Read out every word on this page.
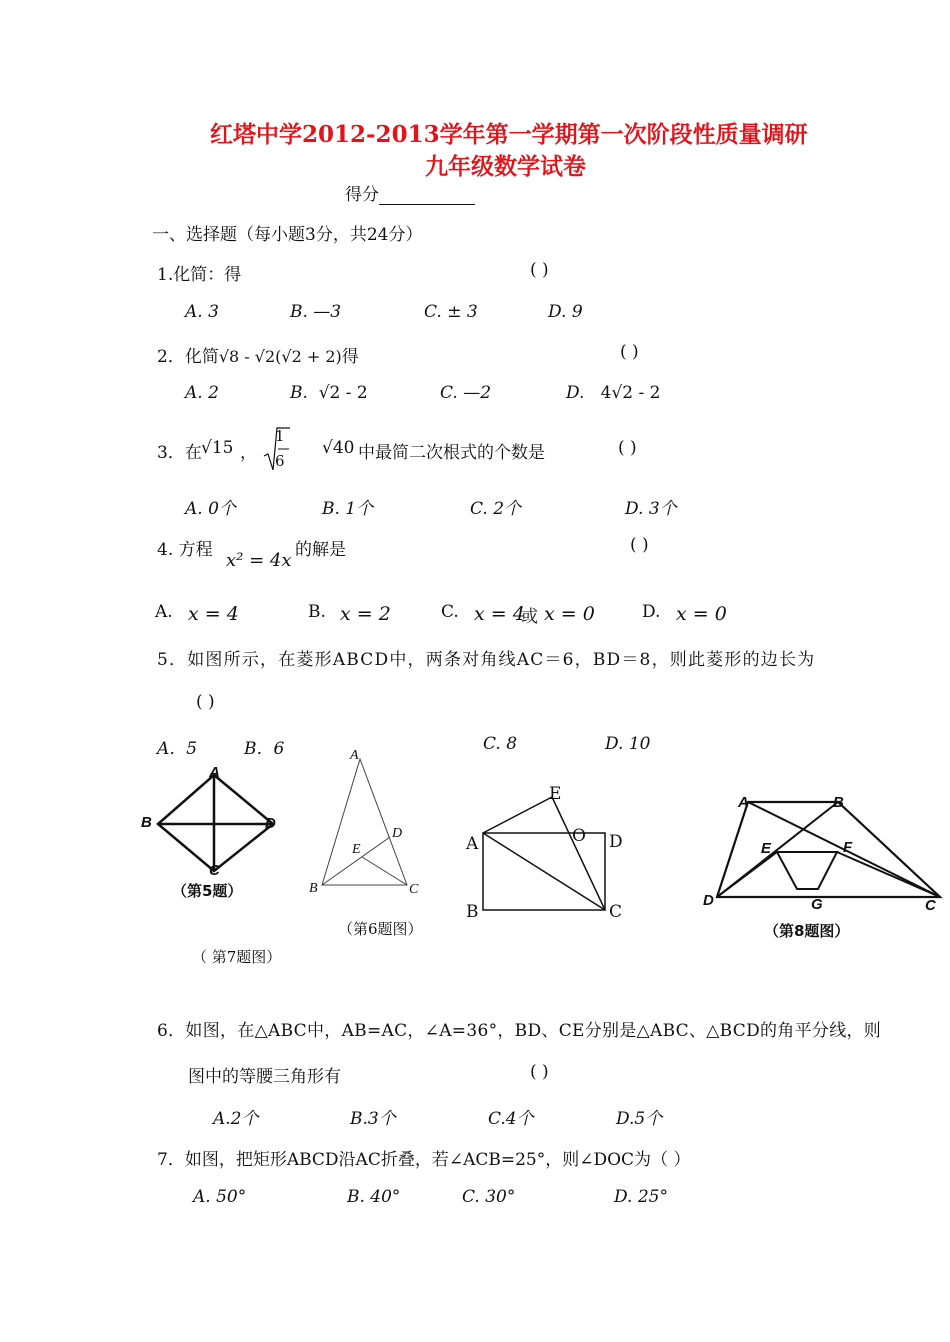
红塔中学2012-2013学年第一学期第一次阶段性质量调研
九年级数学试卷
得分
一、选择题（每小题3分，共24分）
1.化简：得	( )
A. 3	B. —3	C. ± 3	D. 9
2．化简√8 - √2(√2 + 2)得	( )
A. 2	B. √2 - 2	C. —2	D. 4√2 - 2
3．在 √15 ，
1
6
√40 中最简二次根式的个数是	( )
A. 0个	B. 1个	C. 2个	D. 3个
4. 方程 x² = 4x 的解是	( )
A. x = 4	B. x = 2	C. x = 4
或 x = 0	D. x = 0
5．如图所示，在菱形ABCD中，两条对角线AC＝6，BD＝8，则此菱形的边长为
( )
A．5	B．6	C. 8	D. 10
A
B
C
D
（第5题）
A
D
E
B	C
（第6题图）
E
O
A	D
B	C
（ 第7题图）
A	B
E	F
G
D	C
（第8题图）
6．如图，在△ABC中，AB=AC，∠A=36°，BD、CE分别是△ABC、△BCD的角平分线，则
图中的等腰三角形有	( )
A.2个	B.3个	C.4个	D.5个
7．如图，把矩形ABCD沿AC折叠，若∠ACB=25°，则∠DOC为（ ）
A. 50°	B. 40°	C. 30°	D. 25°
